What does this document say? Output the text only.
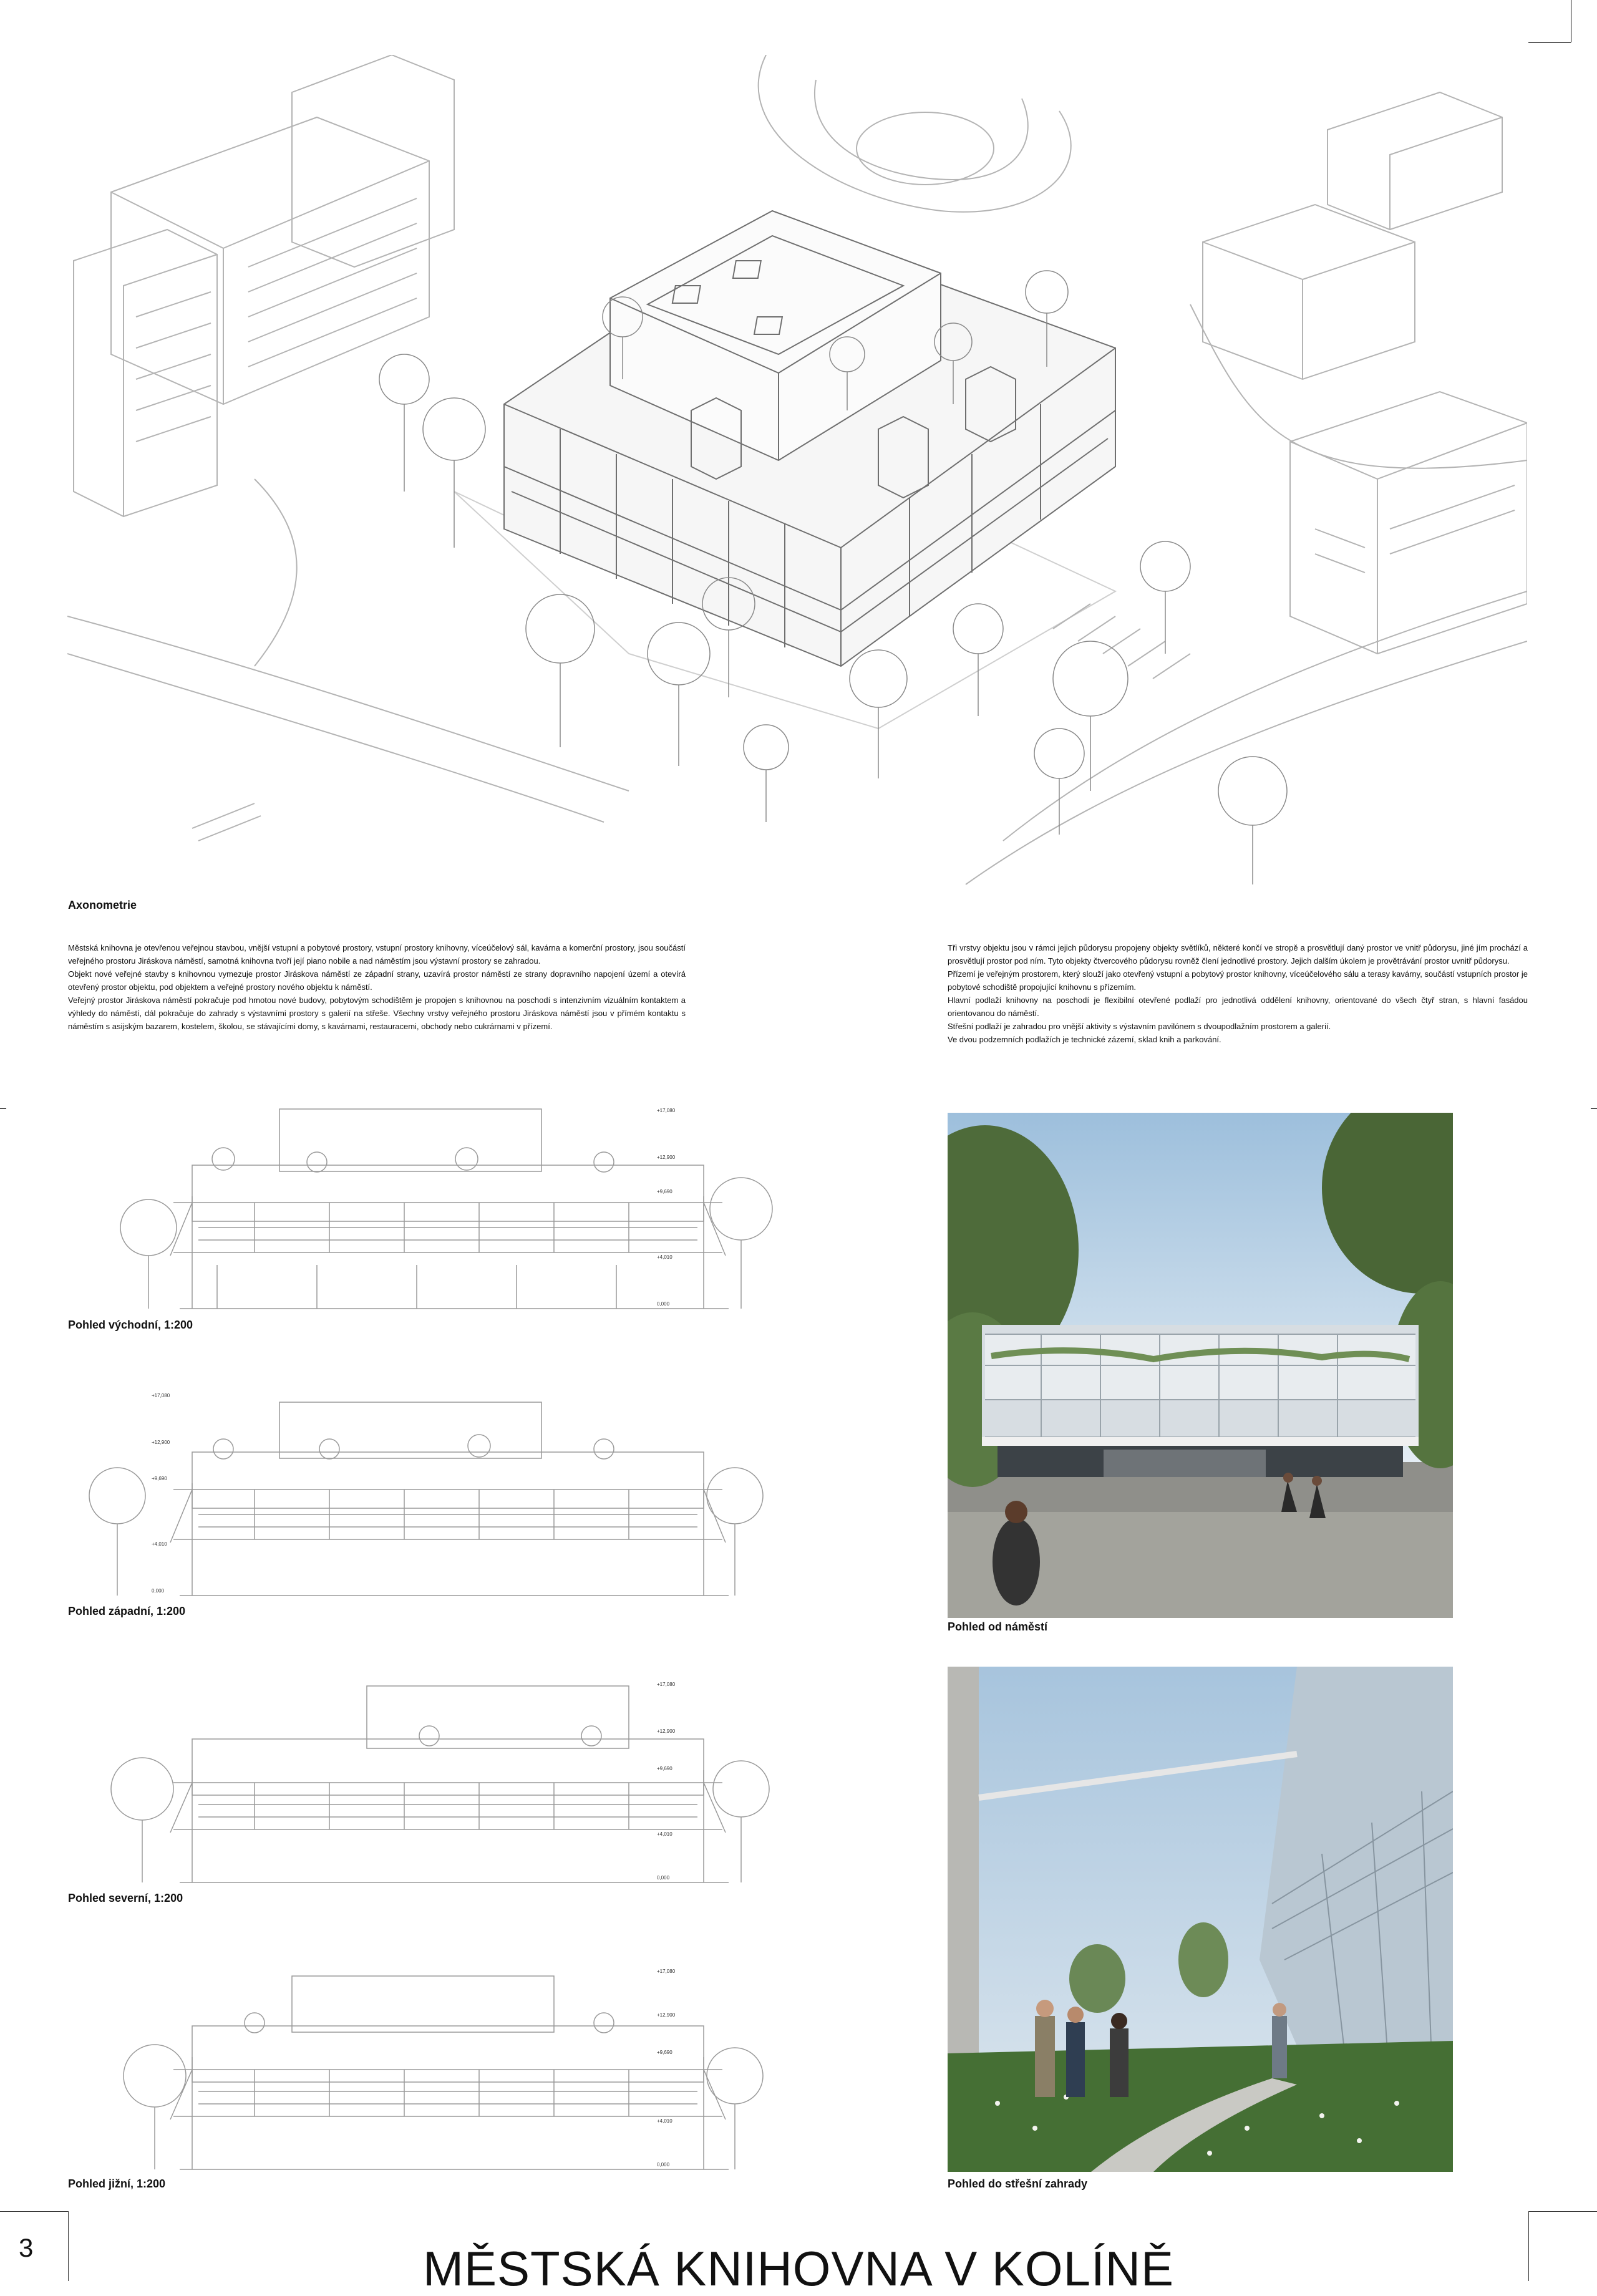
Axonometrie

Městská knihovna je otevřenou veřejnou stavbou, vnější vstupní a pobytové prostory, vstupní prostory knihovny, víceúčelový sál, kavárna a komerční prostory, jsou součástí veřejného prostoru Jiráskova náměstí, samotná knihovna tvoří její piano nobile a nad náměstím jsou výstavní prostory se zahradou.

Objekt nové veřejné stavby s knihovnou vymezuje prostor Jiráskova náměstí ze západní strany, uzavírá prostor náměstí ze strany dopravního napojení území a otevírá otevřený prostor objektu, pod objektem a veřejné prostory nového objektu k náměstí.

Veřejný prostor Jiráskova náměstí pokračuje pod hmotou nové budovy, pobytovým schodištěm je propojen s knihovnou na poschodí s intenzivním vizuálním kontaktem a výhledy do náměstí, dál pokračuje do zahrady s výstavními prostory s galerií na střeše. Všechny vrstvy veřejného prostoru Jiráskova náměstí jsou v přímém kontaktu s náměstím s asijským bazarem, kostelem, školou, se stávajícími domy, s kavárnami, restauracemi, obchody nebo cukrárnami v přízemí.

Tři vrstvy objektu jsou v rámci jejich půdorysu propojeny objekty světlíků, některé končí ve stropě a prosvětlují daný prostor ve vnitř půdorysu, jiné jím prochází a prosvětlují prostor pod ním. Tyto objekty čtvercového půdorysu rovněž člení jednotlivé prostory. Jejich dalším úkolem je provětrávání prostor uvnitř půdorysu.

Přízemí je veřejným prostorem, který slouží jako otevřený vstupní a pobytový prostor knihovny, víceúčelového sálu a terasy kavárny, součástí vstupních prostor je pobytové schodiště propojující knihovnu s přízemím.

Hlavní podlaží knihovny na poschodí je flexibilní otevřené podlaží pro jednotlivá oddělení knihovny, orientované do všech čtyř stran, s hlavní fasádou orientovanou do náměstí.

Střešní podlaží je zahradou pro vnější aktivity s výstavním pavilónem s dvoupodlažním prostorem a galerií.

Ve dvou podzemních podlažích je technické zázemí, sklad knih a parkování.

+17,080
+12,900
+9,690
+4,010
0,000
Pohled východní, 1:200
+17,080
+12,900
+9,690
+4,010
0,000
Pohled západní, 1:200
+17,080
+12,900
+9,690
+4,010
0,000
Pohled severní, 1:200
+17,080
+12,900
+9,690
+4,010
0,000
Pohled jižní, 1:200
Pohled od náměstí
Pohled do střešní zahrady
3	MĚSTSKÁ KNIHOVNA V KOLÍNĚ
